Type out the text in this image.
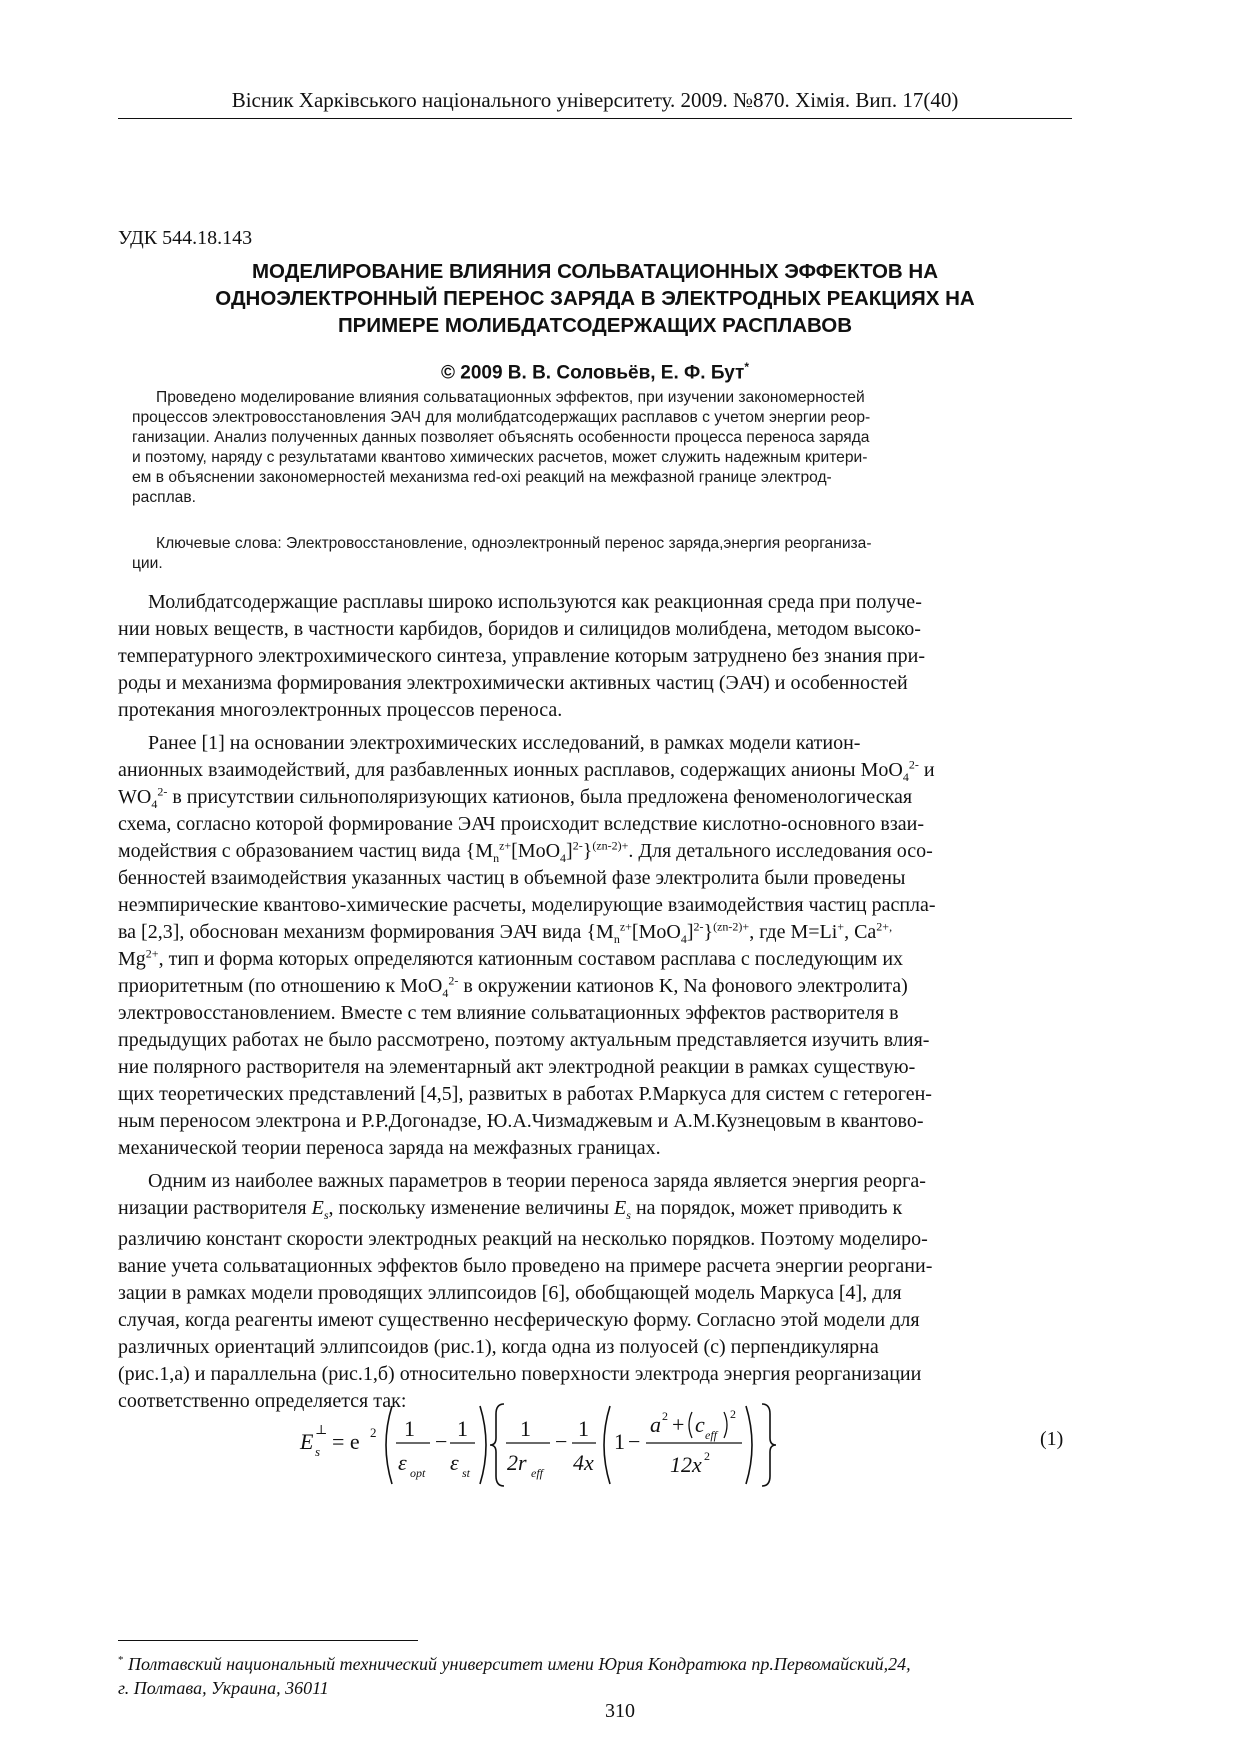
Вісник Харківського національного університету. 2009. №870. Хімія. Вип. 17(40)
УДК 544.18.143
МОДЕЛИРОВАНИЕ ВЛИЯНИЯ СОЛЬВАТАЦИОННЫХ ЭФФЕКТОВ НА
ОДНОЭЛЕКТРОННЫЙ ПЕРЕНОС ЗАРЯДА В ЭЛЕКТРОДНЫХ РЕАКЦИЯХ НА
ПРИМЕРЕ МОЛИБДАТСОДЕРЖАЩИХ РАСПЛАВОВ
© 2009 В. В. Соловьёв, Е. Ф. Бут*
Проведено моделирование влияния сольватационных эффектов, при изучении закономерностей
процессов электровосстановления ЭАЧ для молибдатсодержащих расплавов с учетом энергии реор-
ганизации. Анализ полученных данных позволяет объяснять особенности процесса переноса заряда
и поэтому, наряду с результатами квантово химических расчетов, может служить надежным критери-
ем в объяснении закономерностей механизма red-oxi реакций на межфазной границе электрод-
расплав.
Ключевые слова: Электровосстановление, одноэлектронный перенос заряда,энергия реорганиза-
ции.
Молибдатсодержащие расплавы широко используются как реакционная среда при получе-
нии новых веществ, в частности карбидов, боридов и силицидов молибдена, методом высоко-
температурного электрохимического синтеза, управление которым затруднено без знания при-
роды и механизма формирования электрохимически активных частиц (ЭАЧ) и особенностей
протекания многоэлектронных процессов переноса.
Ранее [1] на основании электрохимических исследований, в рамках модели катион-
анионных взаимодействий, для разбавленных ионных расплавов, содержащих анионы MoO$_4^{2-}$ и
$WO_4^{2-}$ в присутствии сильнополяризующих катионов, была предложена феноменологическая
схема, согласно которой формирование ЭАЧ происходит вследствие кислотно-основного взаи-
модействия с образованием частиц вида $\{M_n^{z+}[MoO_4]^{2-}\}^{(zn-2)+}$. Для детального исследования осо-
бенностей взаимодействия указанных частиц в объемной фазе электролита были проведены
неэмпирические квантово-химические расчеты, моделирующие взаимодействия частиц распла-
ва [2,3], обоснован механизм формирования ЭАЧ вида $\{M_n^{z+}[MoO_4]^{2-}\}^{(zn-2)+}$, где M=Li+, $Ca^{2+,}$
$Mg^{2+}$, тип и форма которых определяются катионным составом расплава с последующим их
приоритетным (по отношению к MoO$_4^{2-}$ в окружении катионов K, Na фонового электролита)
электровосстановлением. Вместе с тем влияние сольватационных эффектов растворителя в
предыдущих работах не было рассмотрено, поэтому актуальным представляется изучить влия-
ние полярного растворителя на элементарный акт электродной реакции в рамках существую-
щих теоретических представлений [4,5], развитых в работах Р.Маркуса для систем с гетероген-
ным переносом электрона и Р.Р.Догонадзе, Ю.А.Чизмаджевым и А.М.Кузнецовым в квантово-
механической теории переноса заряда на межфазных границах.
Одним из наиболее важных параметров в теории переноса заряда является энергия реорга-
низации растворителя $E_s$, поскольку изменение величины $E_s$ на порядок, может приводить к
различию констант скорости электродных реакций на несколько порядков. Поэтому моделиро-
вание учета сольватационных эффектов было проведено на примере расчета энергии реоргани-
зации в рамках модели проводящих эллипсоидов [6], обобщающей модель Маркуса [4], для
случая, когда реагенты имеют существенно несферическую форму. Согласно этой модели для
различных ориентаций эллипсоидов (рис.1), когда одна из полуосей (c) перпендикулярна
(рис.1,a) и параллельна (рис.1,б) относительно поверхности электрода энергия реорганизации
соответственно определяется так:
E ⊥
s = e 2 1
ε opt
−
1
ε st
1
2r eff
−
1
4x
1 −
a 2 + c eff
2
12x 2
(1)
* Полтавский национальный технический университет имени Юрия Кондратюка пр.Первомайский,24,
г. Полтава, Украина, 36011
310
